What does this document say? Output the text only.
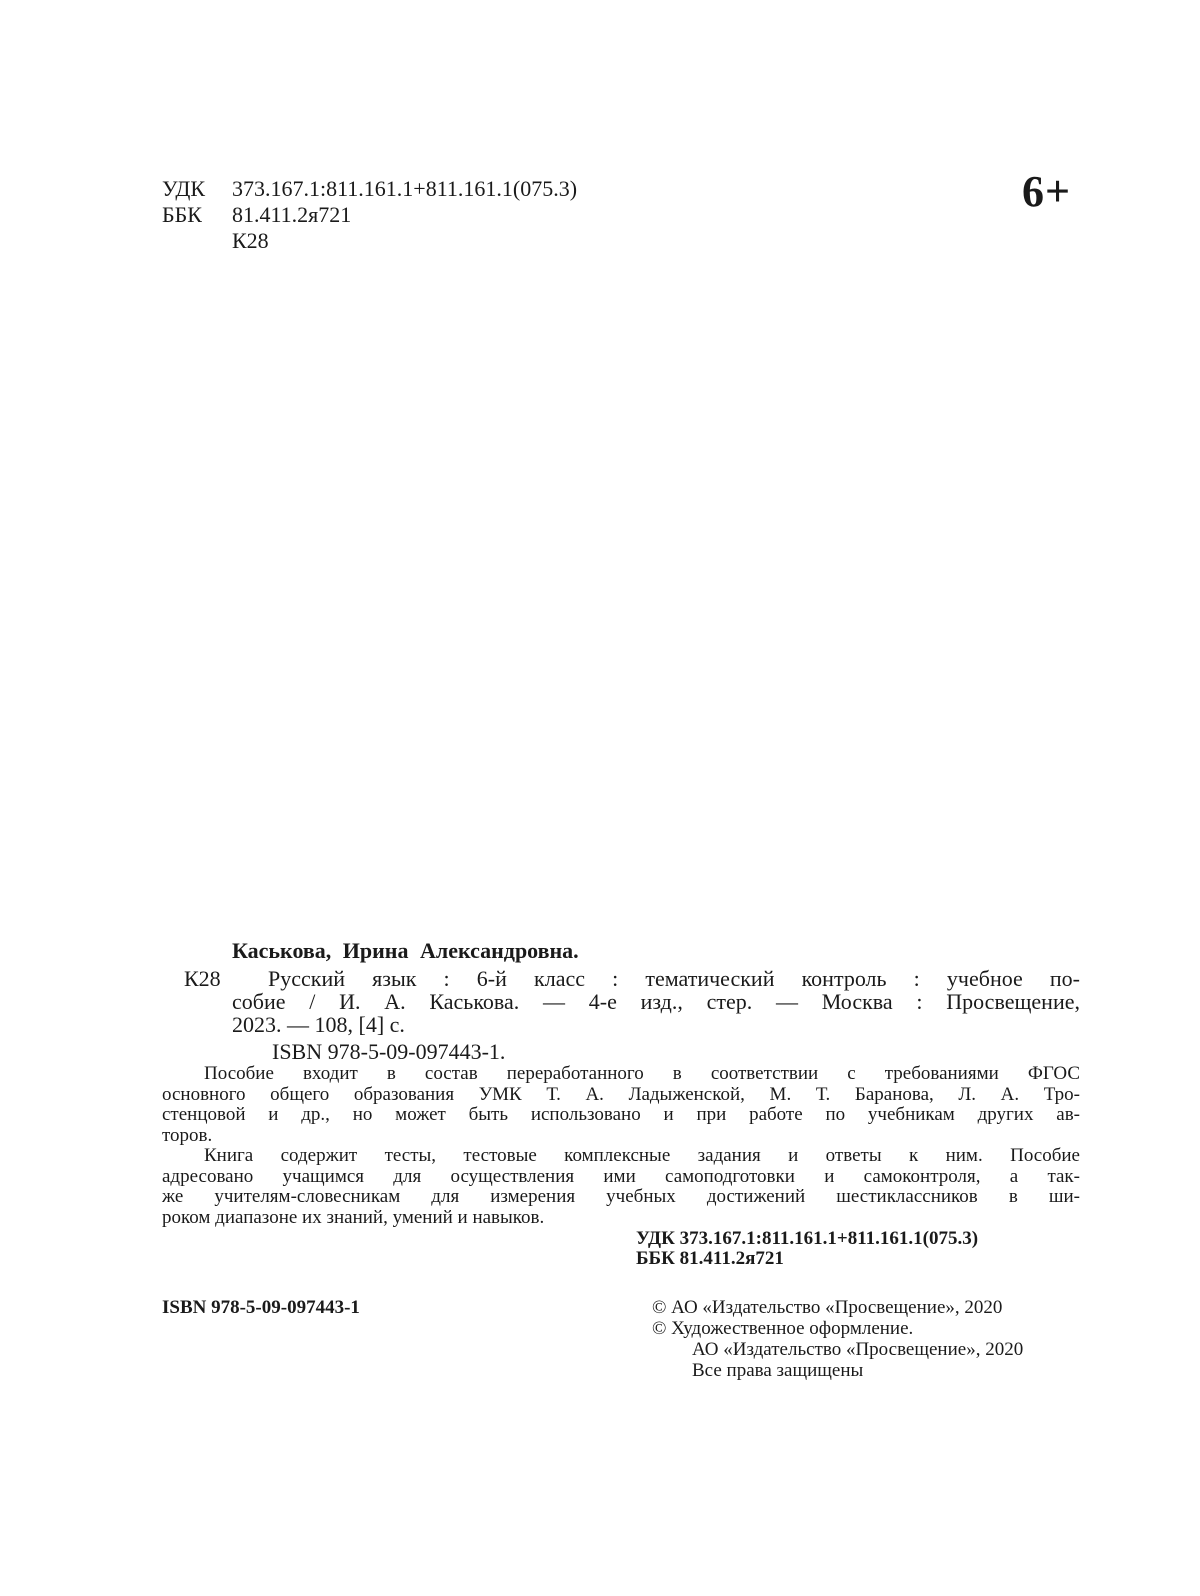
УДК 373.167.1:811.161.1+811.161.1(075.3)
ББК 81.411.2я721
К28
6+
Каськова, Ирина Александровна.
К28	Русский язык : 6-й класс : тематический контроль : учебное по-
собие / И. А. Каськова. — 4-е изд., стер. — Москва : Просвещение,
2023. — 108, [4] с.
ISBN 978-5-09-097443-1.
Пособие входит в состав переработанного в соответствии с требованиями ФГОС
основного общего образования УМК Т. А. Ладыженской, М. Т. Баранова, Л. А. Тро-
стенцовой и др., но может быть использовано и при работе по учебникам других ав-
торов.
Книга содержит тесты, тестовые комплексные задания и ответы к ним. Пособие
адресовано учащимся для осуществления ими самоподготовки и самоконтроля, а так-
же учителям-словесникам для измерения учебных достижений шестиклассников в ши-
роком диапазоне их знаний, умений и навыков.
УДК 373.167.1:811.161.1+811.161.1(075.3)
ББК 81.411.2я721
ISBN 978-5-09-097443-1	© АО «Издательство «Просвещение», 2020
© Художественное оформление.
АО «Издательство «Просвещение», 2020
Все права защищены
